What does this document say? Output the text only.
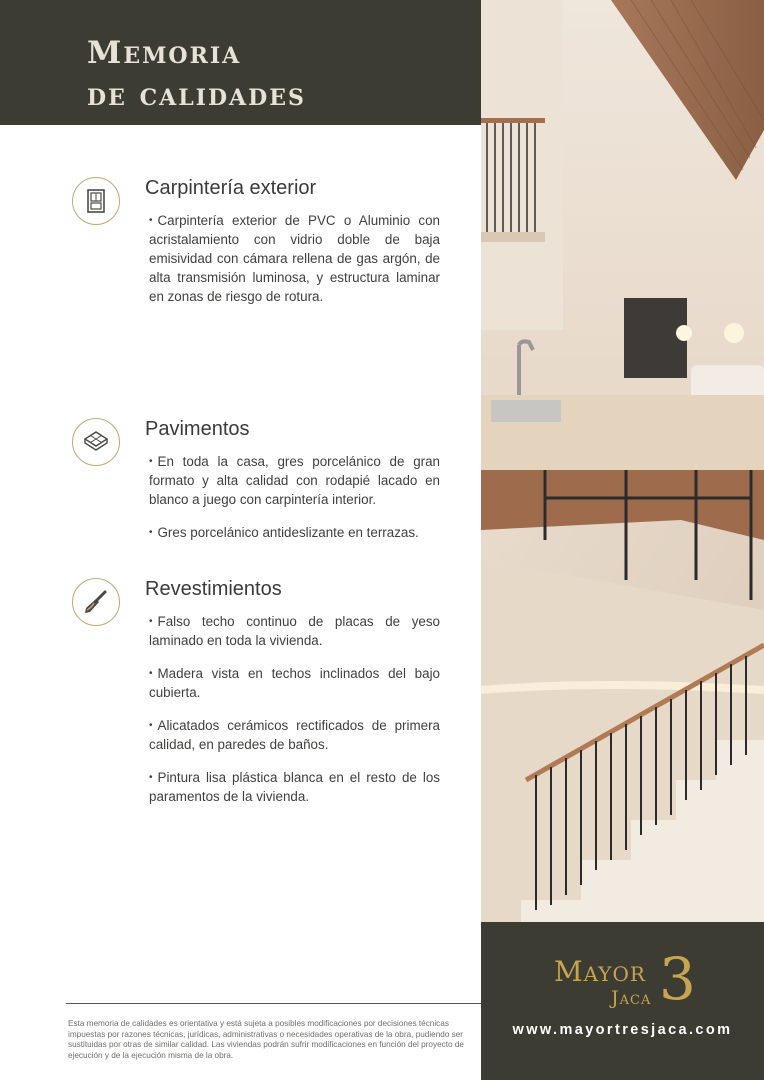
Memoria
de calidades
Carpintería exterior

• Carpintería exterior de PVC o Aluminio con acristalamiento con vidrio doble de baja emisividad con cámara rellena de gas argón, de alta transmisión luminosa, y estructura laminar en zonas de riesgo de rotura.

Pavimentos

• En toda la casa, gres porcelánico de gran formato y alta calidad con rodapié lacado en blanco a juego con carpintería interior.

• Gres porcelánico antideslizante en terrazas.

Revestimientos

• Falso techo continuo de placas de yeso laminado en toda la vivienda.

• Madera vista en techos inclinados del bajo cubierta.

• Alicatados cerámicos rectificados de primera calidad, en paredes de baños.

• Pintura lisa plástica blanca en el resto de los paramentos de la vivienda.

Esta memoria de calidades es orientativa y está sujeta a posibles modificaciones por decisiones técnicas impuestas por razones técnicas, jurídicas, administrativas o necesidades operativas de la obra, pudiendo ser sustituidas por otras de similar calidad. Las viviendas podrán sufrir modificaciones en función del proyecto de ejecución y de la ejecución misma de la obra.

Mayor
Jaca 3
www.mayortresjaca.com
